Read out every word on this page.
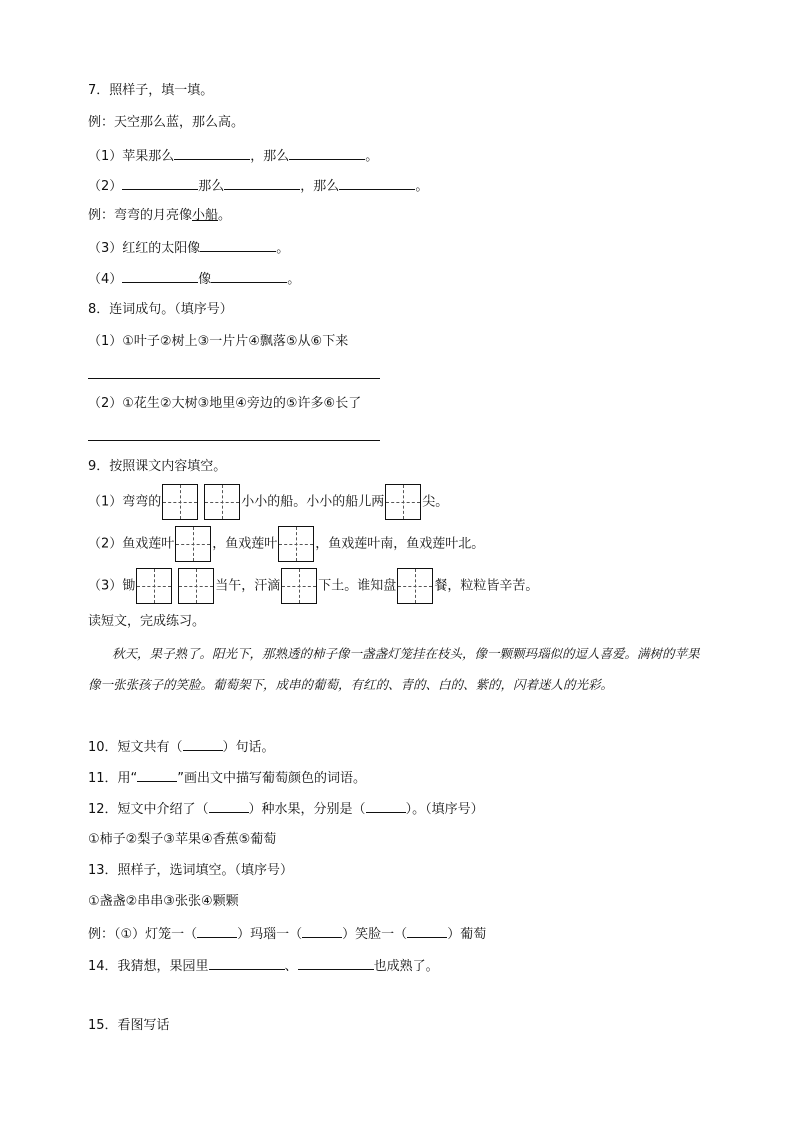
7．照样子，填一填。
例：天空那么蓝，那么高。
（1）苹果那么	，那么	。
（2）	那么	，那么	。
例：弯弯的月亮像小船。
（3）红红的太阳像	。
（4）	像	。
8．连词成句。（填序号）
（1）①叶子②树上③一片片④飘落⑤从⑥下来
（2）①花生②大树③地里④旁边的⑤许多⑥长了
9．按照课文内容填空。
（1）弯弯的	小小的船。小小的船儿两	尖。
（2）鱼戏莲叶	，鱼戏莲叶	，鱼戏莲叶南，鱼戏莲叶北。
（3）锄	当午，汗滴	下土。谁知盘	餐，粒粒皆辛苦。
读短文，完成练习。
秋天，果子熟了。阳光下，那熟透的柿子像一盏盏灯笼挂在枝头，像一颗颗玛瑙似的逗人喜爱。满树的苹果像一张张孩子的笑脸。葡萄架下，成串的葡萄，有红的、青的、白的、紫的，闪着迷人的光彩。
10．短文共有（	）句话。
11．用“	”画出文中描写葡萄颜色的词语。
12．短文中介绍了（	）种水果，分别是（	）。（填序号）
①柿子②梨子③苹果④香蕉⑤葡萄
13．照样子，选词填空。（填序号）
①盏盏②串串③张张④颗颗
例：（①）灯笼一（	）玛瑙一（	）笑脸一（	）葡萄
14．我猜想，果园里	、	也成熟了。
15．看图写话
